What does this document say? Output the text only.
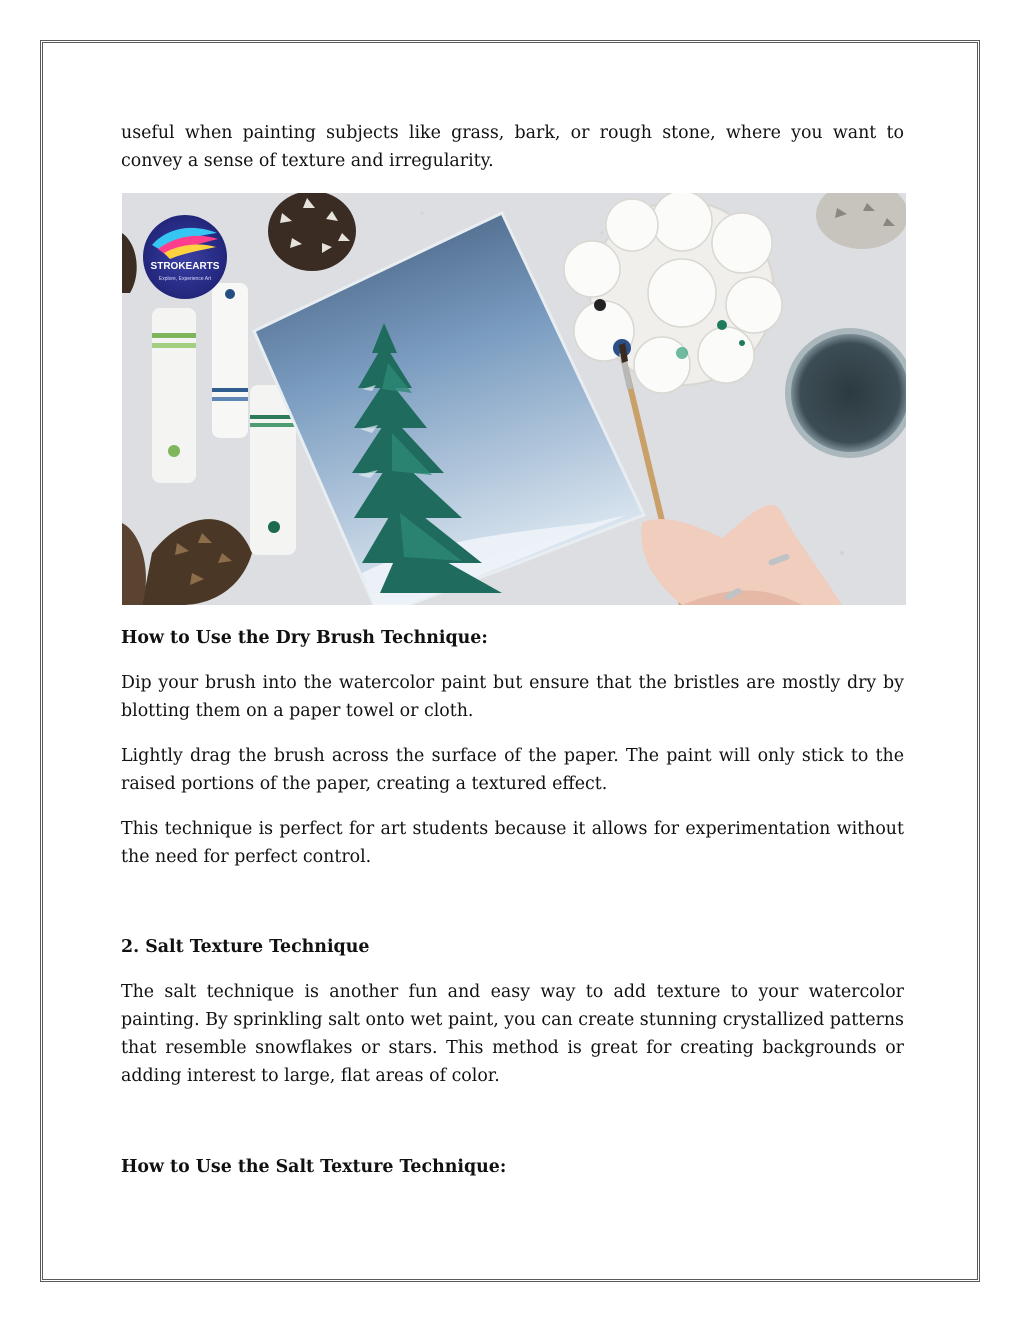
useful when painting subjects like grass, bark, or rough stone, where you want to convey a sense of texture and irregularity.

How to Use the Dry Brush Technique:

Dip your brush into the watercolor paint but ensure that the bristles are mostly dry by blotting them on a paper towel or cloth.

Lightly drag the brush across the surface of the paper. The paint will only stick to the raised portions of the paper, creating a textured effect.

This technique is perfect for art students because it allows for experimentation without the need for perfect control.

2. Salt Texture Technique

The salt technique is another fun and easy way to add texture to your watercolor painting. By sprinkling salt onto wet paint, you can create stunning crystallized patterns that resemble snowflakes or stars. This method is great for creating backgrounds or adding interest to large, flat areas of color.

How to Use the Salt Texture Technique:
STROKEARTS
Explore, Experience Art
